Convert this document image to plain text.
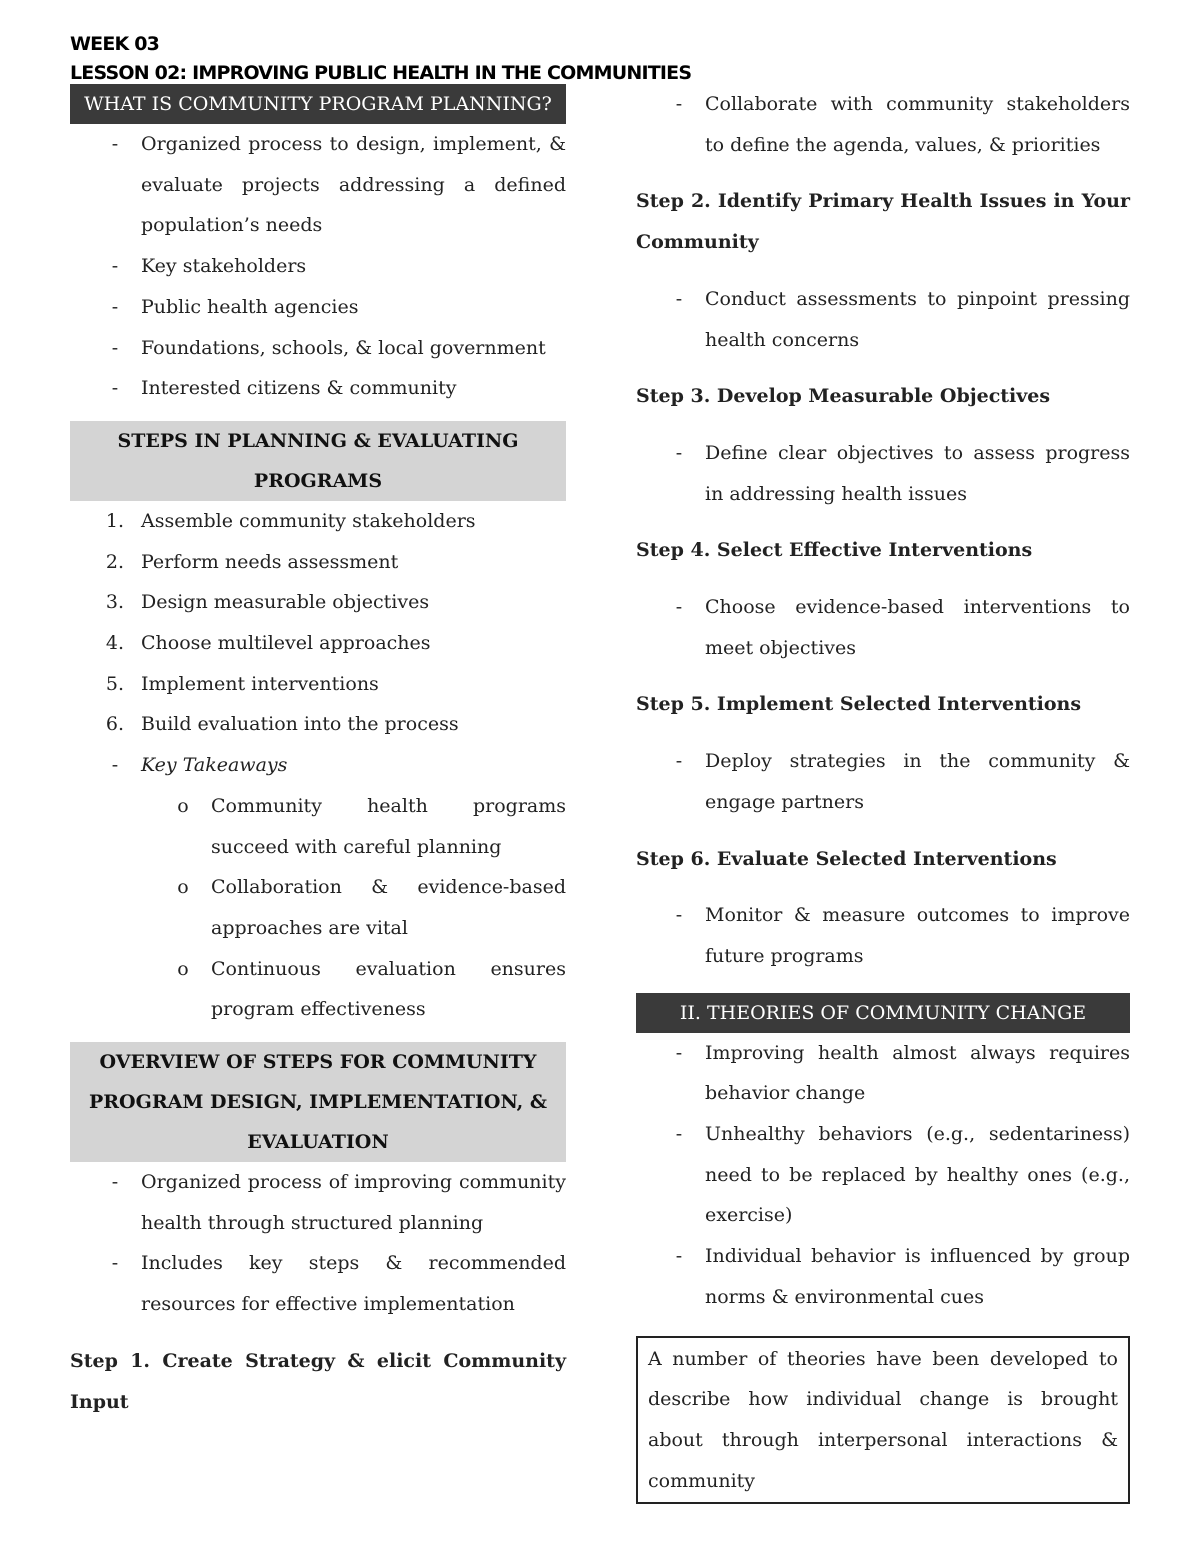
WEEK 03
LESSON 02: IMPROVING PUBLIC HEALTH IN THE COMMUNITIES
WHAT IS COMMUNITY PROGRAM PLANNING?
-	Organized process to design, implement, & evaluate projects addressing a defined population’s needs
-	Key stakeholders
-	Public health agencies
-	Foundations, schools, & local government
-	Interested citizens & community
STEPS IN PLANNING & EVALUATING PROGRAMS
1. Assemble community stakeholders
2. Perform needs assessment
3. Design measurable objectives
4. Choose multilevel approaches
5. Implement interventions
6. Build evaluation into the process
-	Key Takeaways
o	Community health programs succeed with careful planning
o	Collaboration & evidence-based approaches are vital
o	Continuous evaluation ensures program effectiveness
OVERVIEW OF STEPS FOR COMMUNITY PROGRAM DESIGN, IMPLEMENTATION, & EVALUATION
-	Organized process of improving community health through structured planning
-	Includes key steps & recommended resources for effective implementation
Step 1. Create Strategy & elicit Community Input
-	Collaborate with community stakeholders to define the agenda, values, & priorities
Step 2. Identify Primary Health Issues in Your Community
-	Conduct assessments to pinpoint pressing health concerns
Step 3. Develop Measurable Objectives
-	Define clear objectives to assess progress in addressing health issues
Step 4. Select Effective Interventions
-	Choose evidence-based interventions to meet objectives
Step 5. Implement Selected Interventions
-	Deploy strategies in the community & engage partners
Step 6. Evaluate Selected Interventions
-	Monitor & measure outcomes to improve future programs
II. THEORIES OF COMMUNITY CHANGE
-	Improving health almost always requires behavior change
-	Unhealthy behaviors (e.g., sedentariness) need to be replaced by healthy ones (e.g., exercise)
-	Individual behavior is influenced by group norms & environmental cues
A number of theories have been developed to describe how individual change is brought about through interpersonal interactions & community
